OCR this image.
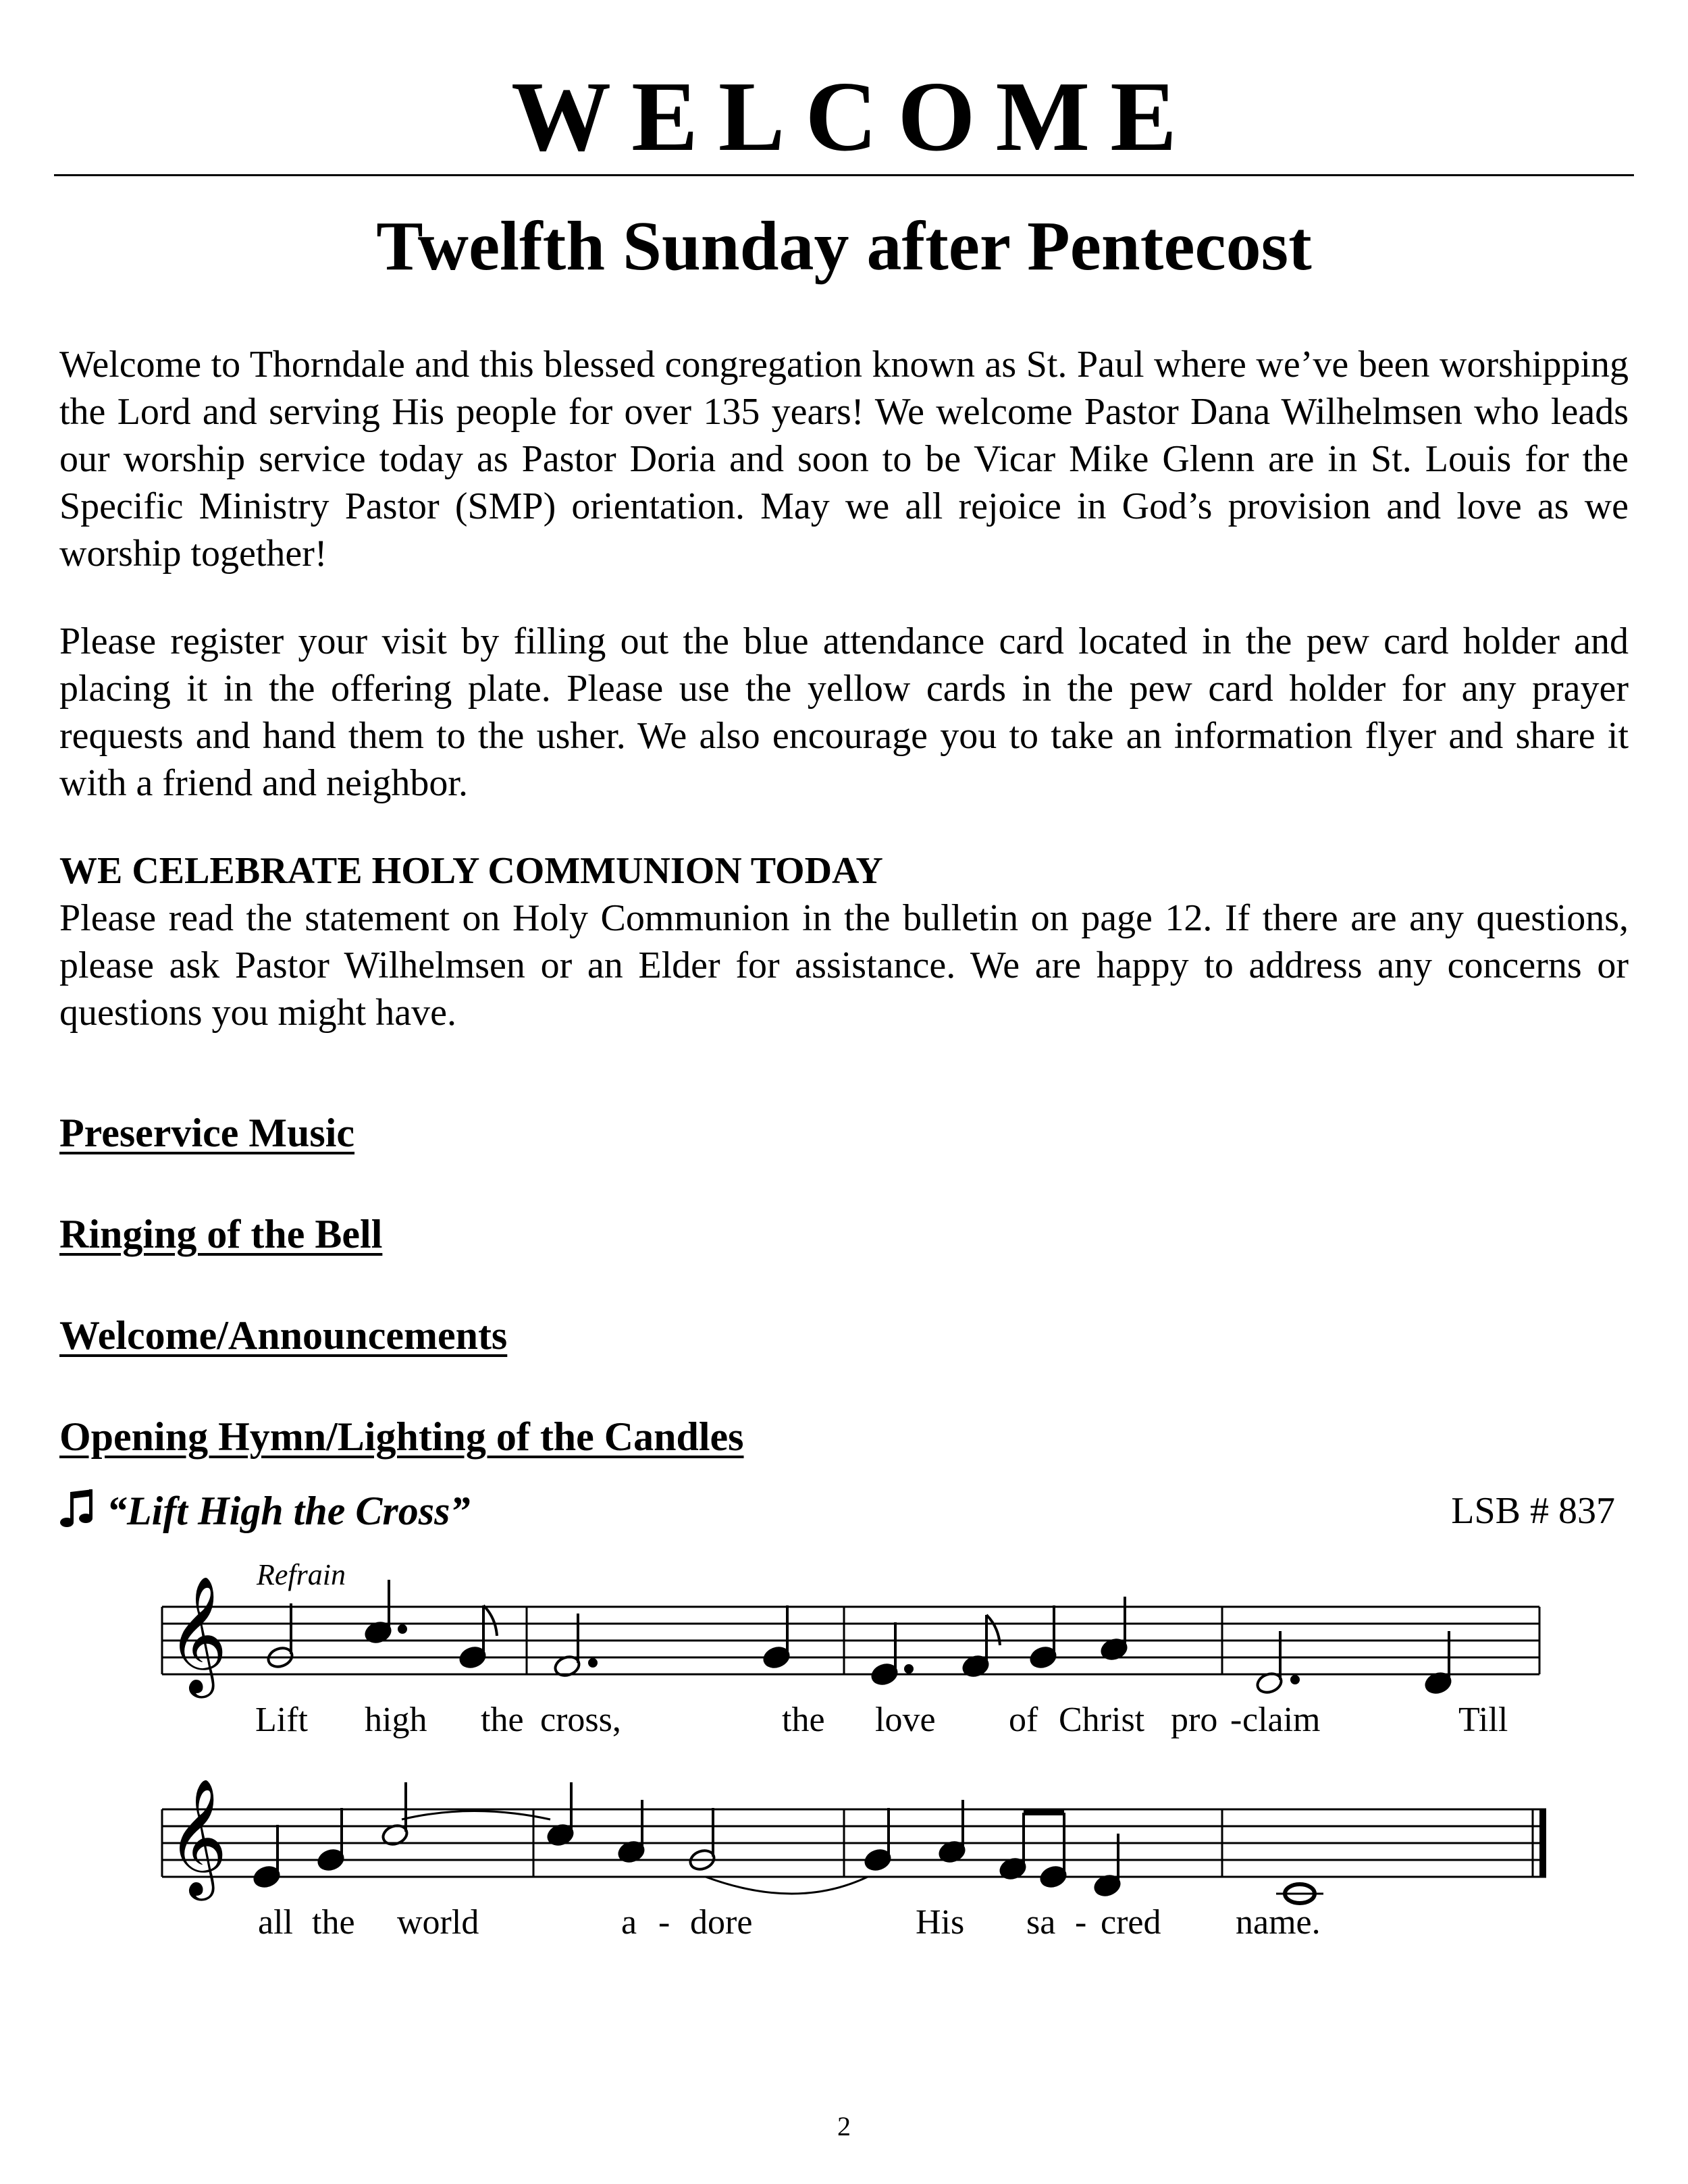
WELCOME
Twelfth Sunday after Pentecost

Welcome to Thorndale and this blessed congregation known as St. Paul where we’ve been worshipping the Lord and serving His people for over 135 years! We welcome Pastor Dana Wilhelmsen who leads our worship service today as Pastor Doria and soon to be Vicar Mike Glenn are in St. Louis for the Specific Ministry Pastor (SMP) orientation. May we all rejoice in God’s provision and love as we worship together!

Please register your visit by filling out the blue attendance card located in the pew card holder and placing it in the offering plate. Please use the yellow cards in the pew card holder for any prayer requests and hand them to the usher. We also encourage you to take an information flyer and share it with a friend and neighbor.

WE CELEBRATE HOLY COMMUNION TODAY

Please read the statement on Holy Communion in the bulletin on page 12. If there are any questions, please ask Pastor Wilhelmsen or an Elder for assistance. We are happy to address any concerns or questions you might have.

Preservice Music

Ringing of the Bell

Welcome/Announcements

Opening Hymn/Lighting of the Candles

“Lift High the Cross”	LSB # 837
Refrain
𝄞
𝄞
Lift high the cross,	the love of Christ pro - claim	Till
all the world	a - dore	His sa - cred name.
2
